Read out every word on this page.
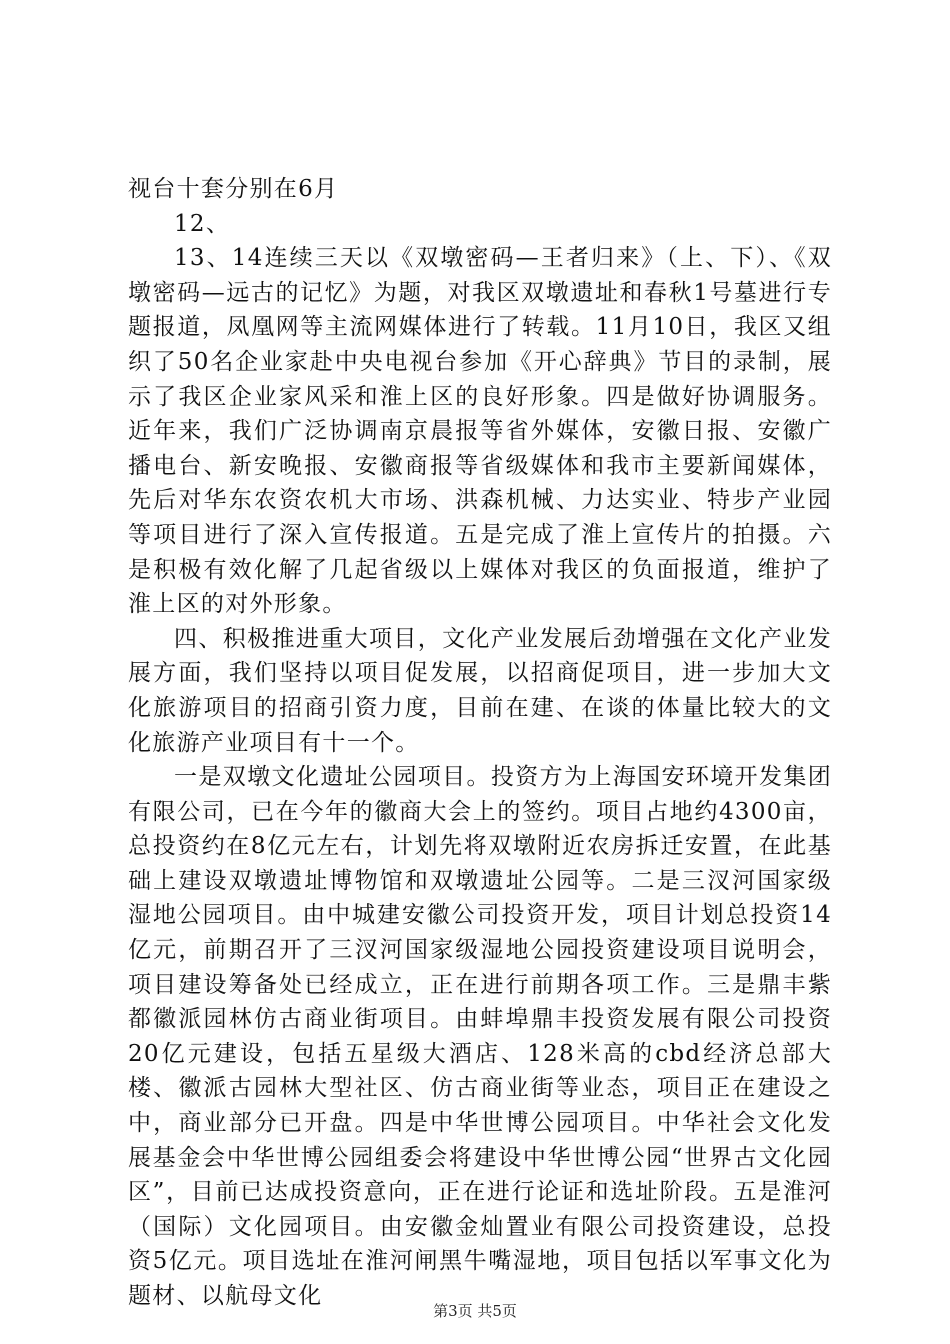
视台十套分别在6月

12、

13、14连续三天以《双墩密码—王者归来》（上、下）、《双墩密码—远古的记忆》为题，对我区双墩遗址和春秋1号墓进行专题报道，凤凰网等主流网媒体进行了转载。11月10日，我区又组织了50名企业家赴中央电视台参加《开心辞典》节目的录制，展示了我区企业家风采和淮上区的良好形象。四是做好协调服务。近年来，我们广泛协调南京晨报等省外媒体，安徽日报、安徽广播电台、新安晚报、安徽商报等省级媒体和我市主要新闻媒体，先后对华东农资农机大市场、洪森机械、力达实业、特步产业园等项目进行了深入宣传报道。五是完成了淮上宣传片的拍摄。六是积极有效化解了几起省级以上媒体对我区的负面报道，维护了淮上区的对外形象。

四、积极推进重大项目，文化产业发展后劲增强在文化产业发展方面，我们坚持以项目促发展，以招商促项目，进一步加大文化旅游项目的招商引资力度，目前在建、在谈的体量比较大的文化旅游产业项目有十一个。

一是双墩文化遗址公园项目。投资方为上海国安环境开发集团有限公司，已在今年的徽商大会上的签约。项目占地约4300亩，总投资约在8亿元左右，计划先将双墩附近农房拆迁安置，在此基础上建设双墩遗址博物馆和双墩遗址公园等。二是三汊河国家级湿地公园项目。由中城建安徽公司投资开发，项目计划总投资14亿元，前期召开了三汊河国家级湿地公园投资建设项目说明会，项目建设筹备处已经成立，正在进行前期各项工作。三是鼎丰紫都徽派园林仿古商业街项目。由蚌埠鼎丰投资发展有限公司投资20亿元建设，包括五星级大酒店、128米高的cbd经济总部大楼、徽派古园林大型社区、仿古商业街等业态，项目正在建设之中，商业部分已开盘。四是中华世博公园项目。中华社会文化发展基金会中华世博公园组委会将建设中华世博公园“世界古文化园区”，目前已达成投资意向，正在进行论证和选址阶段。五是淮河（国际）文化园项目。由安徽金灿置业有限公司投资建设，总投资5亿元。项目选址在淮河闸黑牛嘴湿地，项目包括以军事文化为题材、以航母文化

第3页 共5页
